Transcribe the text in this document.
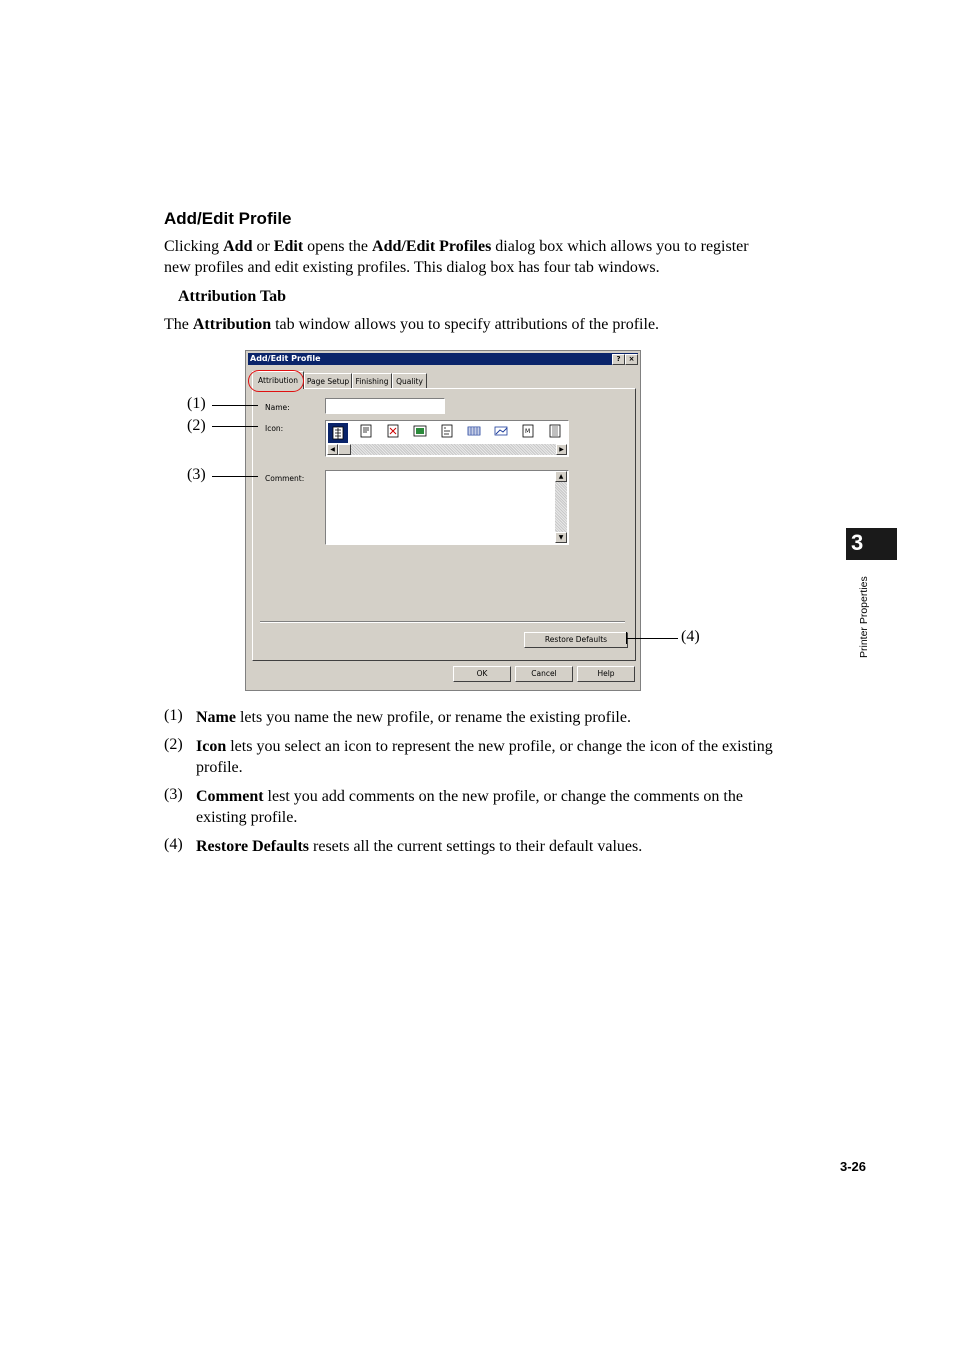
Add/Edit Profile
Clicking Add or Edit opens the Add/Edit Profiles dialog box which allows you to register
new profiles and edit existing profiles. This dialog box has four tab windows.
Attribution Tab
The Attribution tab window allows you to specify attributions of the profile.
Add/Edit Profile	?	×
Page Setup Finishing	Quality
Name:
Icon:	M
◀	▶
Comment:	▲
▼
Restore Defaults
Attribution
OK	Cancel	Help
(1)
(2)
(3)
(4)
(1) Name lets you name the new profile, or rename the existing profile.
(2) Icon lets you select an icon to represent the new profile, or change the icon of the existing
profile.
(3) Comment lest you add comments on the new profile, or change the comments on the
existing profile.
(4) Restore Defaults resets all the current settings to their default values.
3
Printer Properties
3-26
